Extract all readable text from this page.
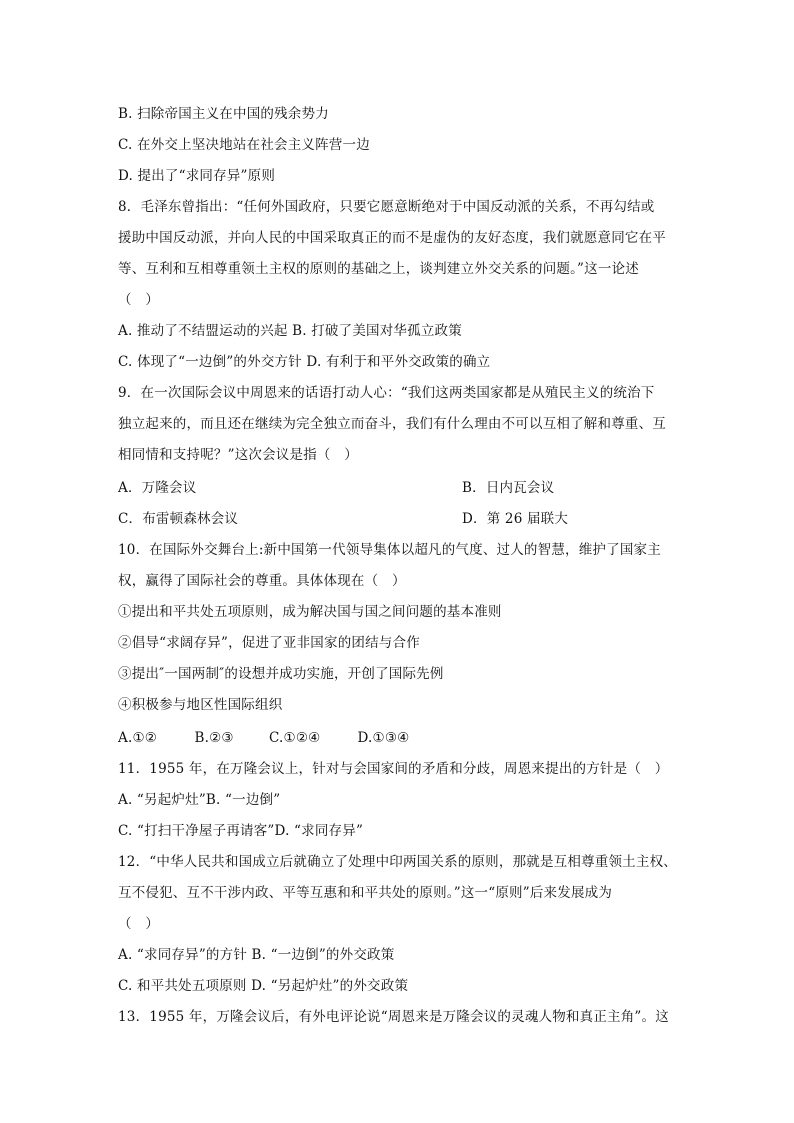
B. 扫除帝国主义在中国的残余势力
C. 在外交上坚决地站在社会主义阵营一边
D. 提出了“求同存异”原则
8．毛泽东曾指出：“任何外国政府，只要它愿意断绝对于中国反动派的关系，不再勾结或
援助中国反动派，并向人民的中国采取真正的而不是虚伪的友好态度，我们就愿意同它在平
等、互利和互相尊重领土主权的原则的基础之上，谈判建立外交关系的问题。”这一论述
（　）
A. 推动了不结盟运动的兴起 B. 打破了美国对华孤立政策
C. 体现了“一边倒”的外交方针 D. 有利于和平外交政策的确立
9．在一次国际会议中周恩来的话语打动人心：“我们这两类国家都是从殖民主义的统治下
独立起来的，而且还在继续为完全独立而奋斗，我们有什么理由不可以互相了解和尊重、互
相同情和支持呢？”这次会议是指（　）
A．万隆会议	B．日内瓦会议
C．布雷顿森林会议	D．第 26 届联大
10．在国际外交舞台上:新中国第一代领导集体以超凡的气度、过人的智慧，维护了国家主
权，赢得了国际社会的尊重。具体体现在（　）
①提出和平共处五项原则，成为解决国与国之间问题的基本准则
②倡导“求阔存异”，促进了亚非国家的团结与合作
③提出″一国两制″的设想并成功实施，开创了国际先例
④积极参与地区性国际组织
A.①②	B.②③	C.①②④	D.①③④
11．1955 年，在万隆会议上，针对与会国家间的矛盾和分歧，周恩来提出的方针是（　）
A. “另起炉灶”B. “一边倒”
C. “打扫干净屋子再请客”D. “求同存异”
12．“中华人民共和国成立后就确立了处理中印两国关系的原则，那就是互相尊重领土主权、
互不侵犯、互不干涉内政、平等互惠和和平共处的原则。”这一“原则”后来发展成为
（　）
A. “求同存异”的方针 B. “一边倒”的外交政策
C. 和平共处五项原则 D. “另起炉灶”的外交政策
13．1955 年，万隆会议后，有外电评论说“周恩来是万隆会议的灵魂人物和真正主角”。这
